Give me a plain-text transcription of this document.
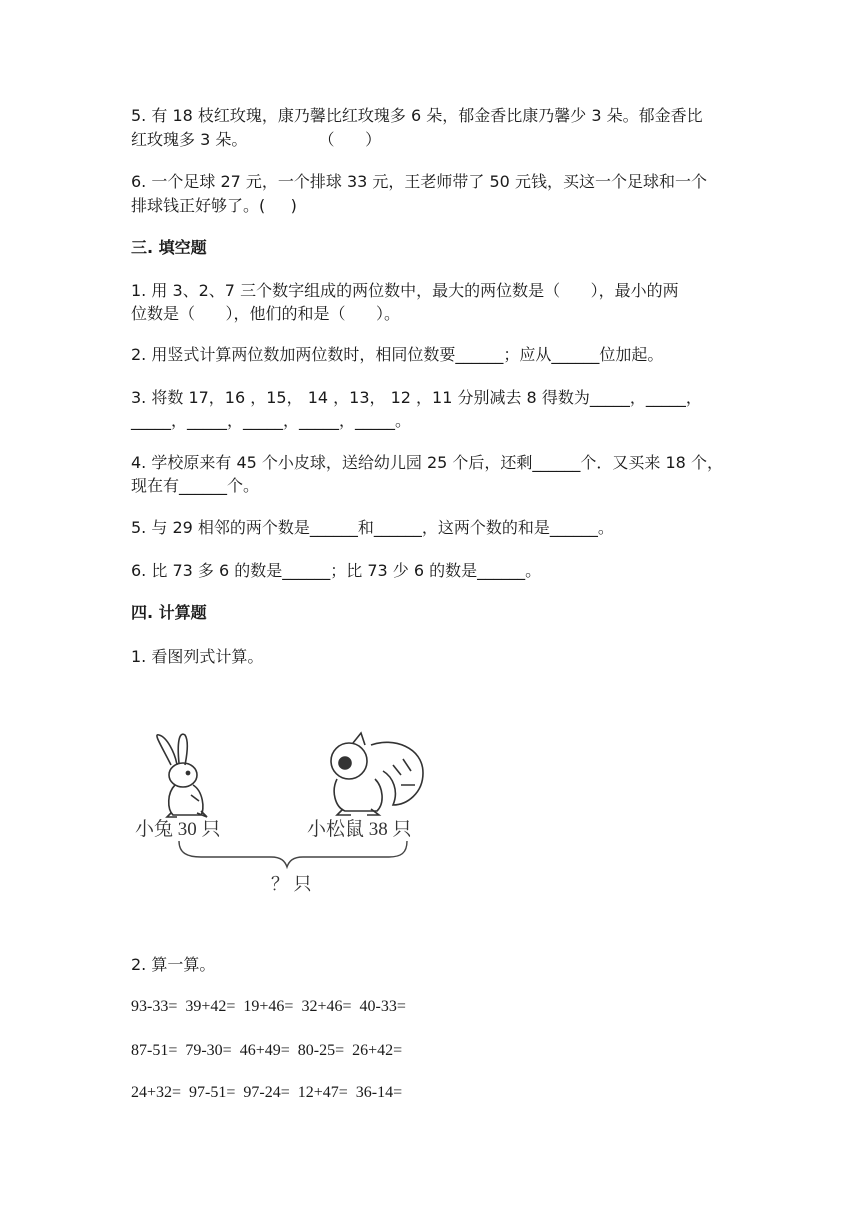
5. 有 18 枝红玫瑰，康乃馨比红玫瑰多 6 朵，郁金香比康乃馨少 3 朵。郁金香比
红玫瑰多 3 朵。              （      ）
6. 一个足球 27 元，一个排球 33 元，王老师带了 50 元钱，买这一个足球和一个
排球钱正好够了。(     )
三. 填空题
1. 用 3、2、7 三个数字组成的两位数中，最大的两位数是（      ），最小的两
位数是（      ），他们的和是（      ）。
2. 用竖式计算两位数加两位数时，相同位数要______；应从______位加起。
3. 将数 17，16 ，15， 14 ，13， 12 ，11 分别减去 8 得数为_____，_____，
_____，_____，_____，_____，_____。
4. 学校原来有 45 个小皮球，送给幼儿园 25 个后，还剩______个．又买来 18 个，
现在有______个。
5. 与 29 相邻的两个数是______和______，这两个数的和是______。
6. 比 73 多 6 的数是______；比 73 少 6 的数是______。
四. 计算题
1. 看图列式计算。
小兔 30 只	小松鼠 38 只
？ 只
2. 算一算。
93-33=  39+42=  19+46=  32+46=  40-33=
87-51=  79-30=  46+49=  80-25=  26+42=
24+32=  97-51=  97-24=  12+47=  36-14=
